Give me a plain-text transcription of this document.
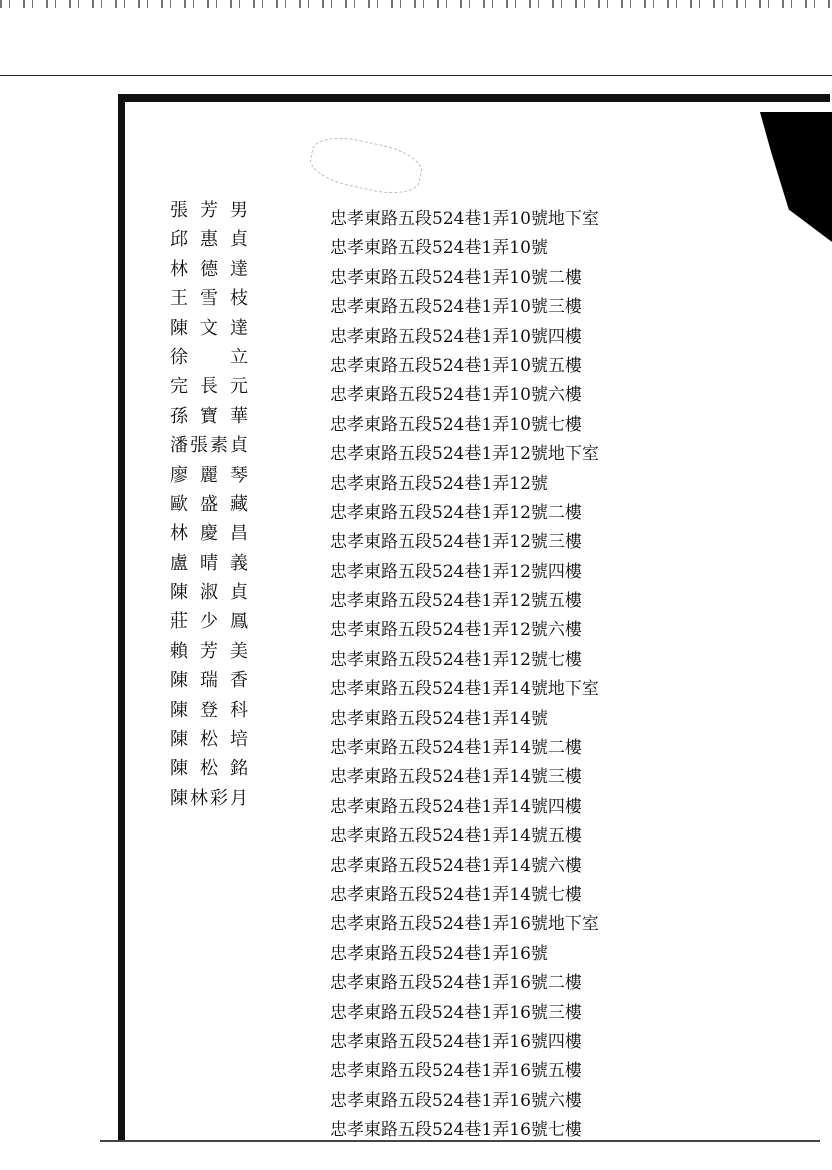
張芳男
邱惠貞
林德達
王雪枝
陳文達
徐　立
完長元
孫寶華
潘張素貞
廖麗琴
歐盛藏
林慶昌
盧晴義
陳淑貞
莊少鳳
賴芳美
陳瑞香
陳登科
陳松培
陳松銘
陳林彩月
忠孝東路五段524巷1弄10號地下室
忠孝東路五段524巷1弄10號
忠孝東路五段524巷1弄10號二樓
忠孝東路五段524巷1弄10號三樓
忠孝東路五段524巷1弄10號四樓
忠孝東路五段524巷1弄10號五樓
忠孝東路五段524巷1弄10號六樓
忠孝東路五段524巷1弄10號七樓
忠孝東路五段524巷1弄12號地下室
忠孝東路五段524巷1弄12號
忠孝東路五段524巷1弄12號二樓
忠孝東路五段524巷1弄12號三樓
忠孝東路五段524巷1弄12號四樓
忠孝東路五段524巷1弄12號五樓
忠孝東路五段524巷1弄12號六樓
忠孝東路五段524巷1弄12號七樓
忠孝東路五段524巷1弄14號地下室
忠孝東路五段524巷1弄14號
忠孝東路五段524巷1弄14號二樓
忠孝東路五段524巷1弄14號三樓
忠孝東路五段524巷1弄14號四樓
忠孝東路五段524巷1弄14號五樓
忠孝東路五段524巷1弄14號六樓
忠孝東路五段524巷1弄14號七樓
忠孝東路五段524巷1弄16號地下室
忠孝東路五段524巷1弄16號
忠孝東路五段524巷1弄16號二樓
忠孝東路五段524巷1弄16號三樓
忠孝東路五段524巷1弄16號四樓
忠孝東路五段524巷1弄16號五樓
忠孝東路五段524巷1弄16號六樓
忠孝東路五段524巷1弄16號七樓
